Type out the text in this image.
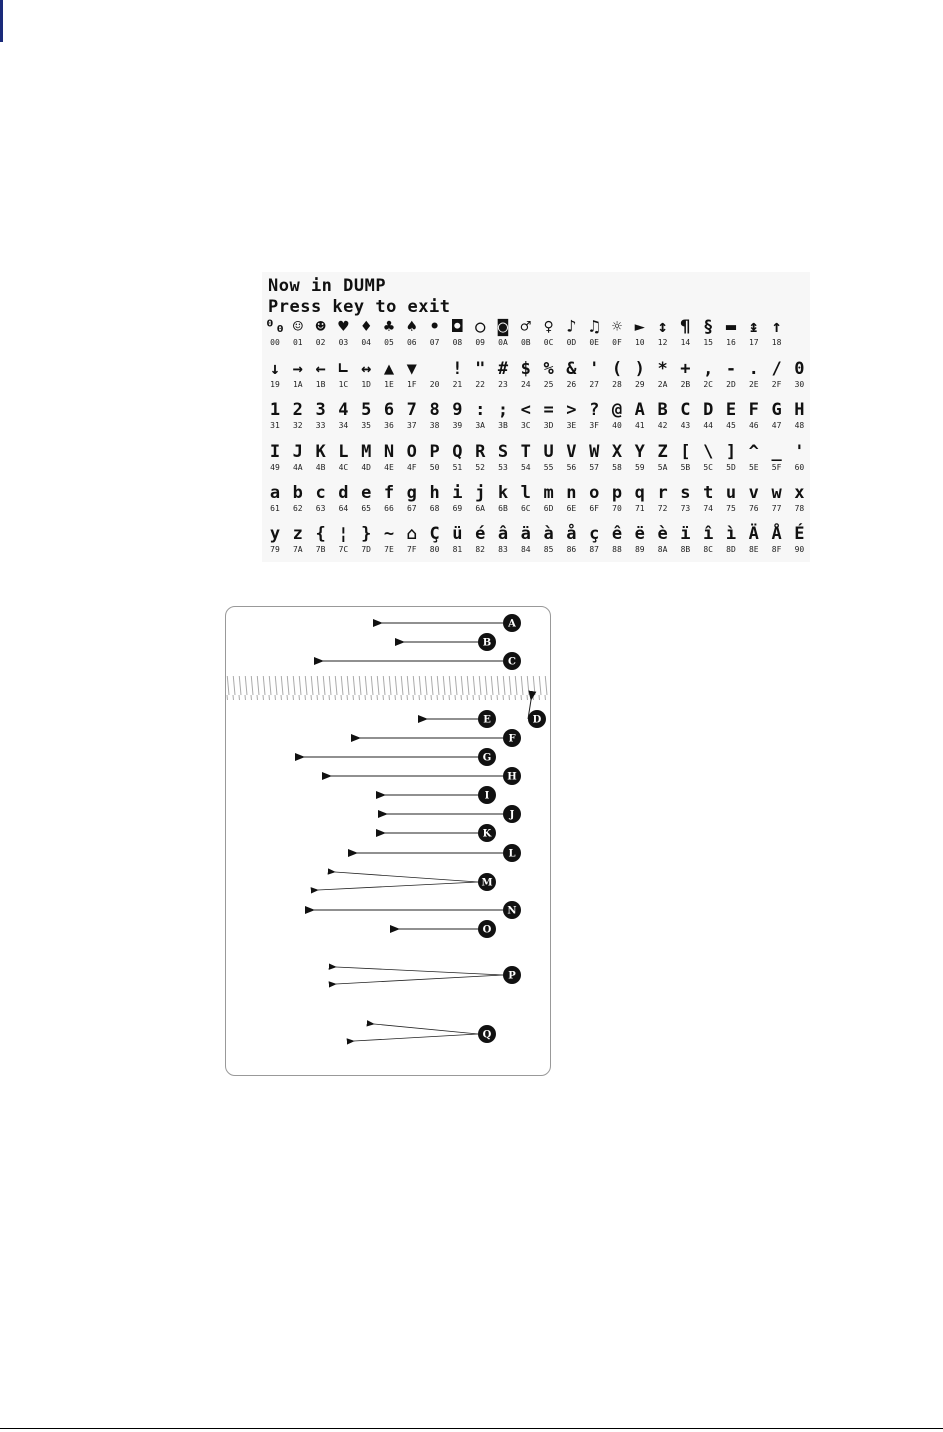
Now in DUMP
Press key to exit
⁰₀
00
☺
01
☻
02
♥
03
♦
04
♣
05
♠
06
•
07
◘
08
○
09
◙
0A
♂
0B
♀
0C
♪
0D
♫
0E
☼
0F
►
10
↕
12
¶
14
§
15
▬
16
↨
17
↑
18
↓
19
→
1A
←
1B
∟
1C
↔
1D
▲
1E
▼
1F	20
!
21
"
22
#
23
$
24
%
25
&
26
'
27
(
28
)
29
*
2A
+
2B
,
2C
-
2D
.
2E
/
2F
0
30
1
31
2
32
3
33
4
34
5
35
6
36
7
37
8
38
9
39
:
3A
;
3B
<
3C
=
3D
>
3E
?
3F
@
40
A
41
B
42
C
43
D
44
E
45
F
46
G
47
H
48
I
49
J
4A
K
4B
L
4C
M
4D
N
4E
O
4F
P
50
Q
51
R
52
S
53
T
54
U
55
V
56
W
57
X
58
Y
59
Z
5A
[
5B
\
5C
]
5D
^
5E
_
5F
'
60
a
61
b
62
c
63
d
64
e
65
f
66
g
67
h
68
i
69
j
6A
k
6B
l
6C
m
6D
n
6E
o
6F
p
70
q
71
r
72
s
73
t
74
u
75
v
76
w
77
x
78
y
79
z
7A
{
7B
¦
7C
}
7D
~
7E
⌂
7F
Ç
80
ü
81
é
82
â
83
ä
84
à
85
å
86
ç
87
ê
88
ë
89
è
8A
ï
8B
î
8C
ì
8D
Ä
8E
Å
8F
É
90
A
B
C
D
E
F
G
H
I
J
K
L
M
N
O
P
Q
